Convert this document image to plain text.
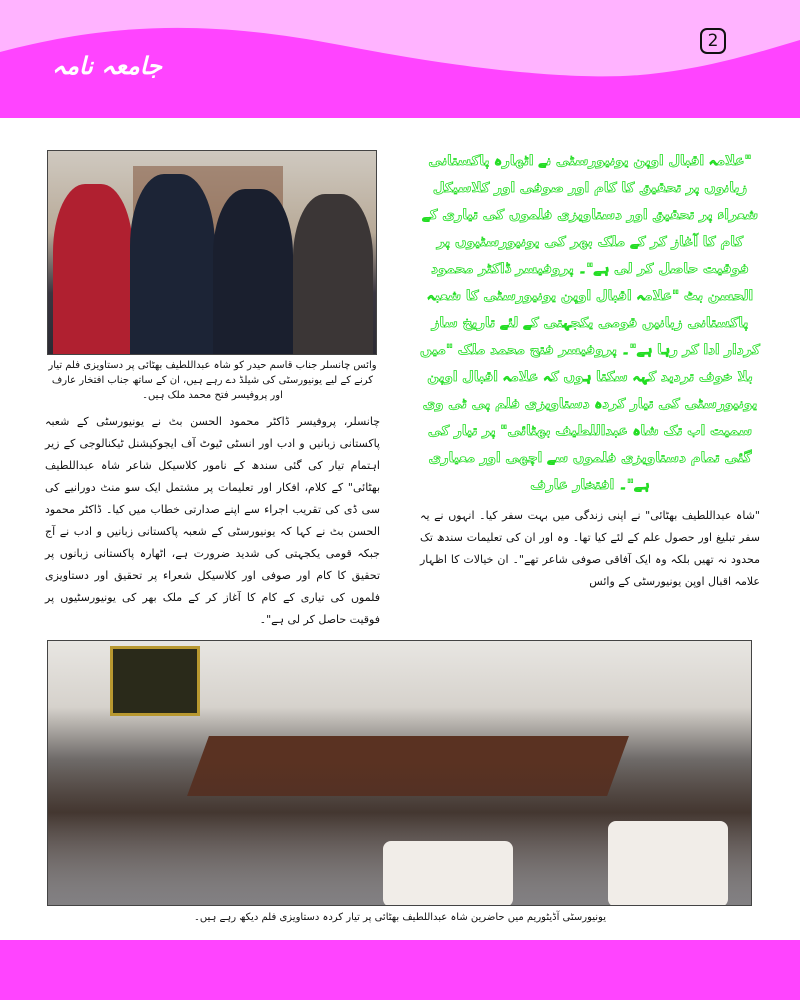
جامعہ نامہ
2
وائس چانسلر جناب قاسم حیدر کو شاہ عبداللطیف بھٹائی پر دستاویزی فلم تیار کرنے کے لیے یونیورسٹی کی شیلڈ دے رہے ہیں، ان کے ساتھ جناب افتخار عارف اور پروفیسر فتح محمد ملک ہیں۔
چانسلر، پروفیسر ڈاکٹر محمود الحسن بٹ نے یونیورسٹی کے شعبہ پاکستانی زبانیں و ادب اور انسٹی ٹیوٹ آف ایجوکیشنل ٹیکنالوجی کے زیر اہتمام تیار کی گئی سندھ کے نامور کلاسیکل شاعر شاہ عبداللطیف بھٹائی" کے کلام، افکار اور تعلیمات پر مشتمل ایک سو منٹ دورانیے کی سی ڈی کی تقریب اجراء سے اپنے صدارتی خطاب میں کیا۔ ڈاکٹر محمود الحسن بٹ نے کہا کہ یونیورسٹی کے شعبہ پاکستانی زبانیں و ادب نے آج جبکہ قومی یکجہتی کی شدید ضرورت ہے، اٹھارہ پاکستانی زبانوں پر تحقیق کا کام اور صوفی اور کلاسیکل شعراء پر تحقیق اور دستاویزی فلموں کی تیاری کے کام کا آغاز کر کے ملک بھر کی یونیورسٹیوں پر فوقیت حاصل کر لی ہے"۔
"علامہ اقبال اوپن یونیورسٹی نے اٹھارہ پاکستانی زبانوں پر تحقیق کا کام اور صوفی اور کلاسیکل شعراء پر تحقیق اور دستاویزی فلموں کی تیاری کے کام کا آغاز کر کے ملک بھر کی یونیورسٹیوں پر فوقیت حاصل کر لی ہے"۔ پروفیسر ڈاکٹر محمود الحسن بٹ "علامہ اقبال اوپن یونیورسٹی کا شعبہ پاکستانی زبانیں قومی یکجہتی کے لئے تاریخ ساز کردار ادا کر رہا ہے"۔ پروفیسر فتح محمد ملک "میں بلا خوف تردید کہہ سکتا ہوں کہ علامہ اقبال اوپن یونیورسٹی کی تیار کردہ دستاویزی فلم پی ٹی وی سمیت اب تک شاہ عبداللطیف بھٹائی" پر تیار کی گئی تمام دستاویزی فلموں سے اچھی اور معیاری ہے"۔ افتخار عارف
"شاہ عبداللطیف بھٹائی" نے اپنی زندگی میں بہت سفر کیا۔ انہوں نے یہ سفر تبلیغ اور حصول علم کے لئے کیا تھا۔ وہ اور ان کی تعلیمات سندھ تک محدود نہ تھیں بلکہ وہ ایک آفاقی صوفی شاعر تھے"۔ ان خیالات کا اظہار علامہ اقبال اوپن یونیورسٹی کے وائس
یونیورسٹی آڈیٹوریم میں حاضرین شاہ عبداللطیف بھٹائی پر تیار کردہ دستاویزی فلم دیکھ رہے ہیں۔
